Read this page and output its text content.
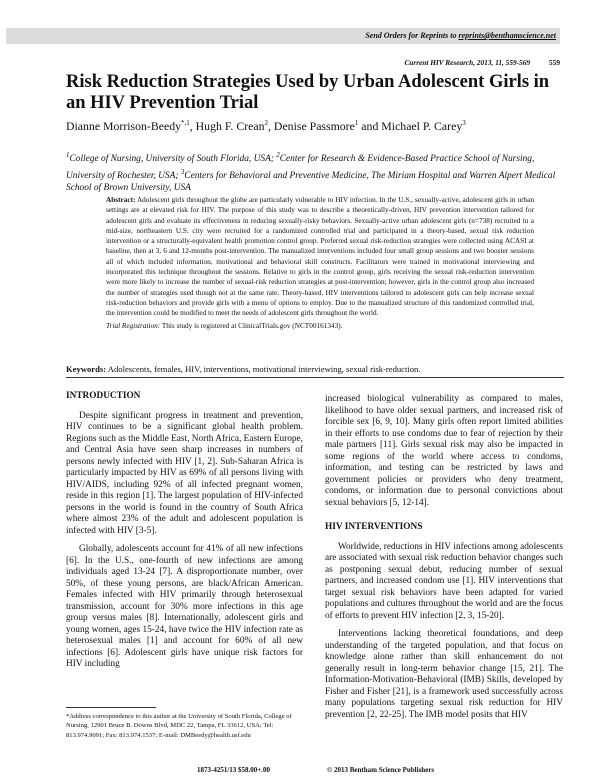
Send Orders for Reprints to reprints@benthamscience.net
Current HIV Research, 2013, 11, 559-569	559
Risk Reduction Strategies Used by Urban Adolescent Girls in an HIV Prevention Trial
Dianne Morrison-Beedy$^{*,1}$, Hugh F. Crean$^2$, Denise Passmore$^1$ and Michael P. Carey$^3$
$^1$College of Nursing, University of South Florida, USA; $^2$Center for Research & Evidence-Based Practice School of Nursing, University of Rochester, USA; $^3$Centers for Behavioral and Preventive Medicine, The Miriam Hospital and Warren Alpert Medical School of Brown University, USA
Abstract: Adolescent girls throughout the globe are particularly vulnerable to HIV infection. In the U.S., sexually-active, adolescent girls in urban settings are at elevated risk for HIV. The purpose of this study was to describe a theoretically-driven, HIV prevention intervention tailored for adolescent girls and evaluate its effectiveness in reducing sexually-risky behaviors. Sexually-active urban adolescent girls (n=738) recruited in a mid-size, northeastern U.S. city were recruited for a randomized controlled trial and participated in a theory-based, sexual risk reduction intervention or a structurally-equivalent health promotion control group. Preferred sexual risk-reduction strategies were collected using ACASI at baseline, then at 3, 6 and 12-months post-intervention. The manualized interventions included four small group sessions and two booster sessions all of which included information, motivational and behavioral skill constructs. Facilitators were trained in motivational interviewing and incorporated this technique throughout the sessions. Relative to girls in the control group, girls receiving the sexual risk-reduction intervention were more likely to increase the number of sexual-risk reduction strategies at post-intervention; however, girls in the control group also increased the number of strategies used though not at the same rate. Theory-based, HIV interventions tailored to adolescent girls can help increase sexual risk-reduction behaviors and provide girls with a menu of options to employ. Due to the manualized structure of this randomized controlled trial, the intervention could be modified to meet the needs of adolescent girls throughout the world.
Trial Registration: This study is registered at ClinicalTrials.gov (NCT00161343).
Keywords: Adolescents, females, HIV, interventions, motivational interviewing, sexual risk-reduction.
INTRODUCTION

Despite significant progress in treatment and prevention, HIV continues to be a significant global health problem. Regions such as the Middle East, North Africa, Eastern Europe, and Central Asia have seen sharp increases in numbers of persons newly infected with HIV [1, 2]. Sub-Saharan Africa is particularly impacted by HIV as 69% of all persons living with HIV/AIDS, including 92% of all infected pregnant women, reside in this region [1]. The largest population of HIV-infected persons in the world is found in the country of South Africa where almost 23% of the adult and adolescent population is infected with HIV [3-5].

Globally, adolescents account for 41% of all new infections [6]. In the U.S., one-fourth of new infections are among individuals aged 13-24 [7]. A disproportionate number, over 50%, of these young persons, are black/African American. Females infected with HIV primarily through heterosexual transmission, account for 30% more infections in this age group versus males [8]. Internationally, adolescent girls and young women, ages 15-24, have twice the HIV infection rate as heterosexual males [1] and account for 60% of all new infections [6]. Adolescent girls have unique risk factors for HIV including

increased biological vulnerability as compared to males, likelihood to have older sexual partners, and increased risk of forcible sex [6, 9, 10]. Many girls often report limited abilities in their efforts to use condoms due to fear of rejection by their male partners [11]. Girls sexual risk may also be impacted in some regions of the world where access to condoms, information, and testing can be restricted by laws and government policies or providers who deny treatment, condoms, or information due to personal convictions about sexual behaviors [5, 12-14].

HIV INTERVENTIONS

Worldwide, reductions in HIV infections among adolescents are associated with sexual risk reduction behavior changes such as postponing sexual debut, reducing number of sexual partners, and increased condom use [1]. HIV interventions that target sexual risk behaviors have been adapted for varied populations and cultures throughout the world and are the focus of efforts to prevent HIV infection [2, 3, 15-20].

Interventions lacking theoretical foundations, and deep understanding of the targeted population, and that focus on knowledge alone rather than skill enhancement do not generally result in long-term behavior change [15, 21]. The Information-Motivation-Behavioral (IMB) Skills, developed by Fisher and Fisher [21], is a framework used successfully across many populations targeting sexual risk reduction for HIV prevention [2, 22-25]. The IMB model posits that HIV

*Address correspondence to this author at the University of South Florida, College of Nursing, 12901 Bruce B. Downs Blvd, MDC 22, Tampa, FL 33612, USA; Tel: 813.974.9091; Fax: 813.974.1537; E-mail: DMBeedy@health.usf.edu
1873-4251/13 $58.00+.00	© 2013 Bentham Science Publishers
